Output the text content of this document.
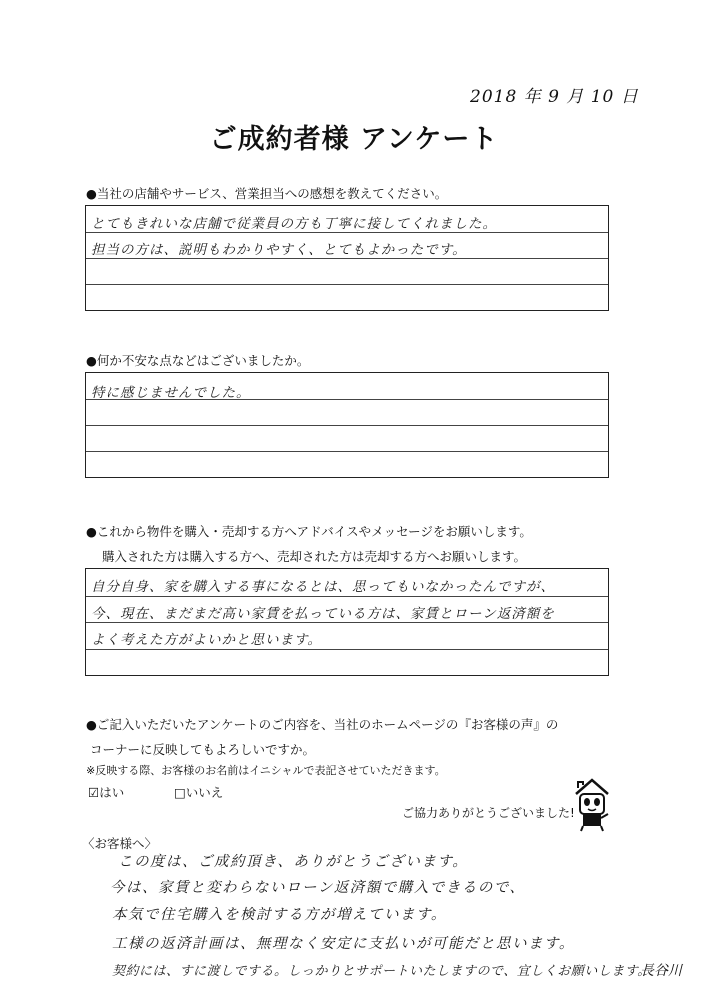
2018 年 9 月 10 日
ご成約者様 アンケート
●当社の店舗やサービス、営業担当への感想を教えてください。
とてもきれいな店舗で従業員の方も丁寧に接してくれました。
担当の方は、説明もわかりやすく、とてもよかったです。
●何か不安な点などはございましたか。
特に感じませんでした。
●これから物件を購入・売却する方へアドバイスやメッセージをお願いします。
購入された方は購入する方へ、売却された方は売却する方へお願いします。
自分自身、家を購入する事になるとは、思ってもいなかったんですが、
今、現在、まだまだ高い家賃を払っている方は、家賃とローン返済額を
よく考えた方がよいかと思います。
●ご記入いただいたアンケートのご内容を、当社のホームページの『お客様の声』の
コーナーに反映してもよろしいですか。
※反映する際、お客様のお名前はイニシャルで表記させていただきます。
☑はい	□いいえ
ご協力ありがとうございました!
〈お客様へ〉
この度は、ご成約頂き、ありがとうございます。
今は、家賃と変わらないローン返済額で購入できるので、
本気で住宅購入を検討する方が増えています。
工様の返済計画は、無理なく安定に支払いが可能だと思います。
契約には、すに渡しでする。しっかりとサポートいたしますので、宜しくお願いします。
長谷川
